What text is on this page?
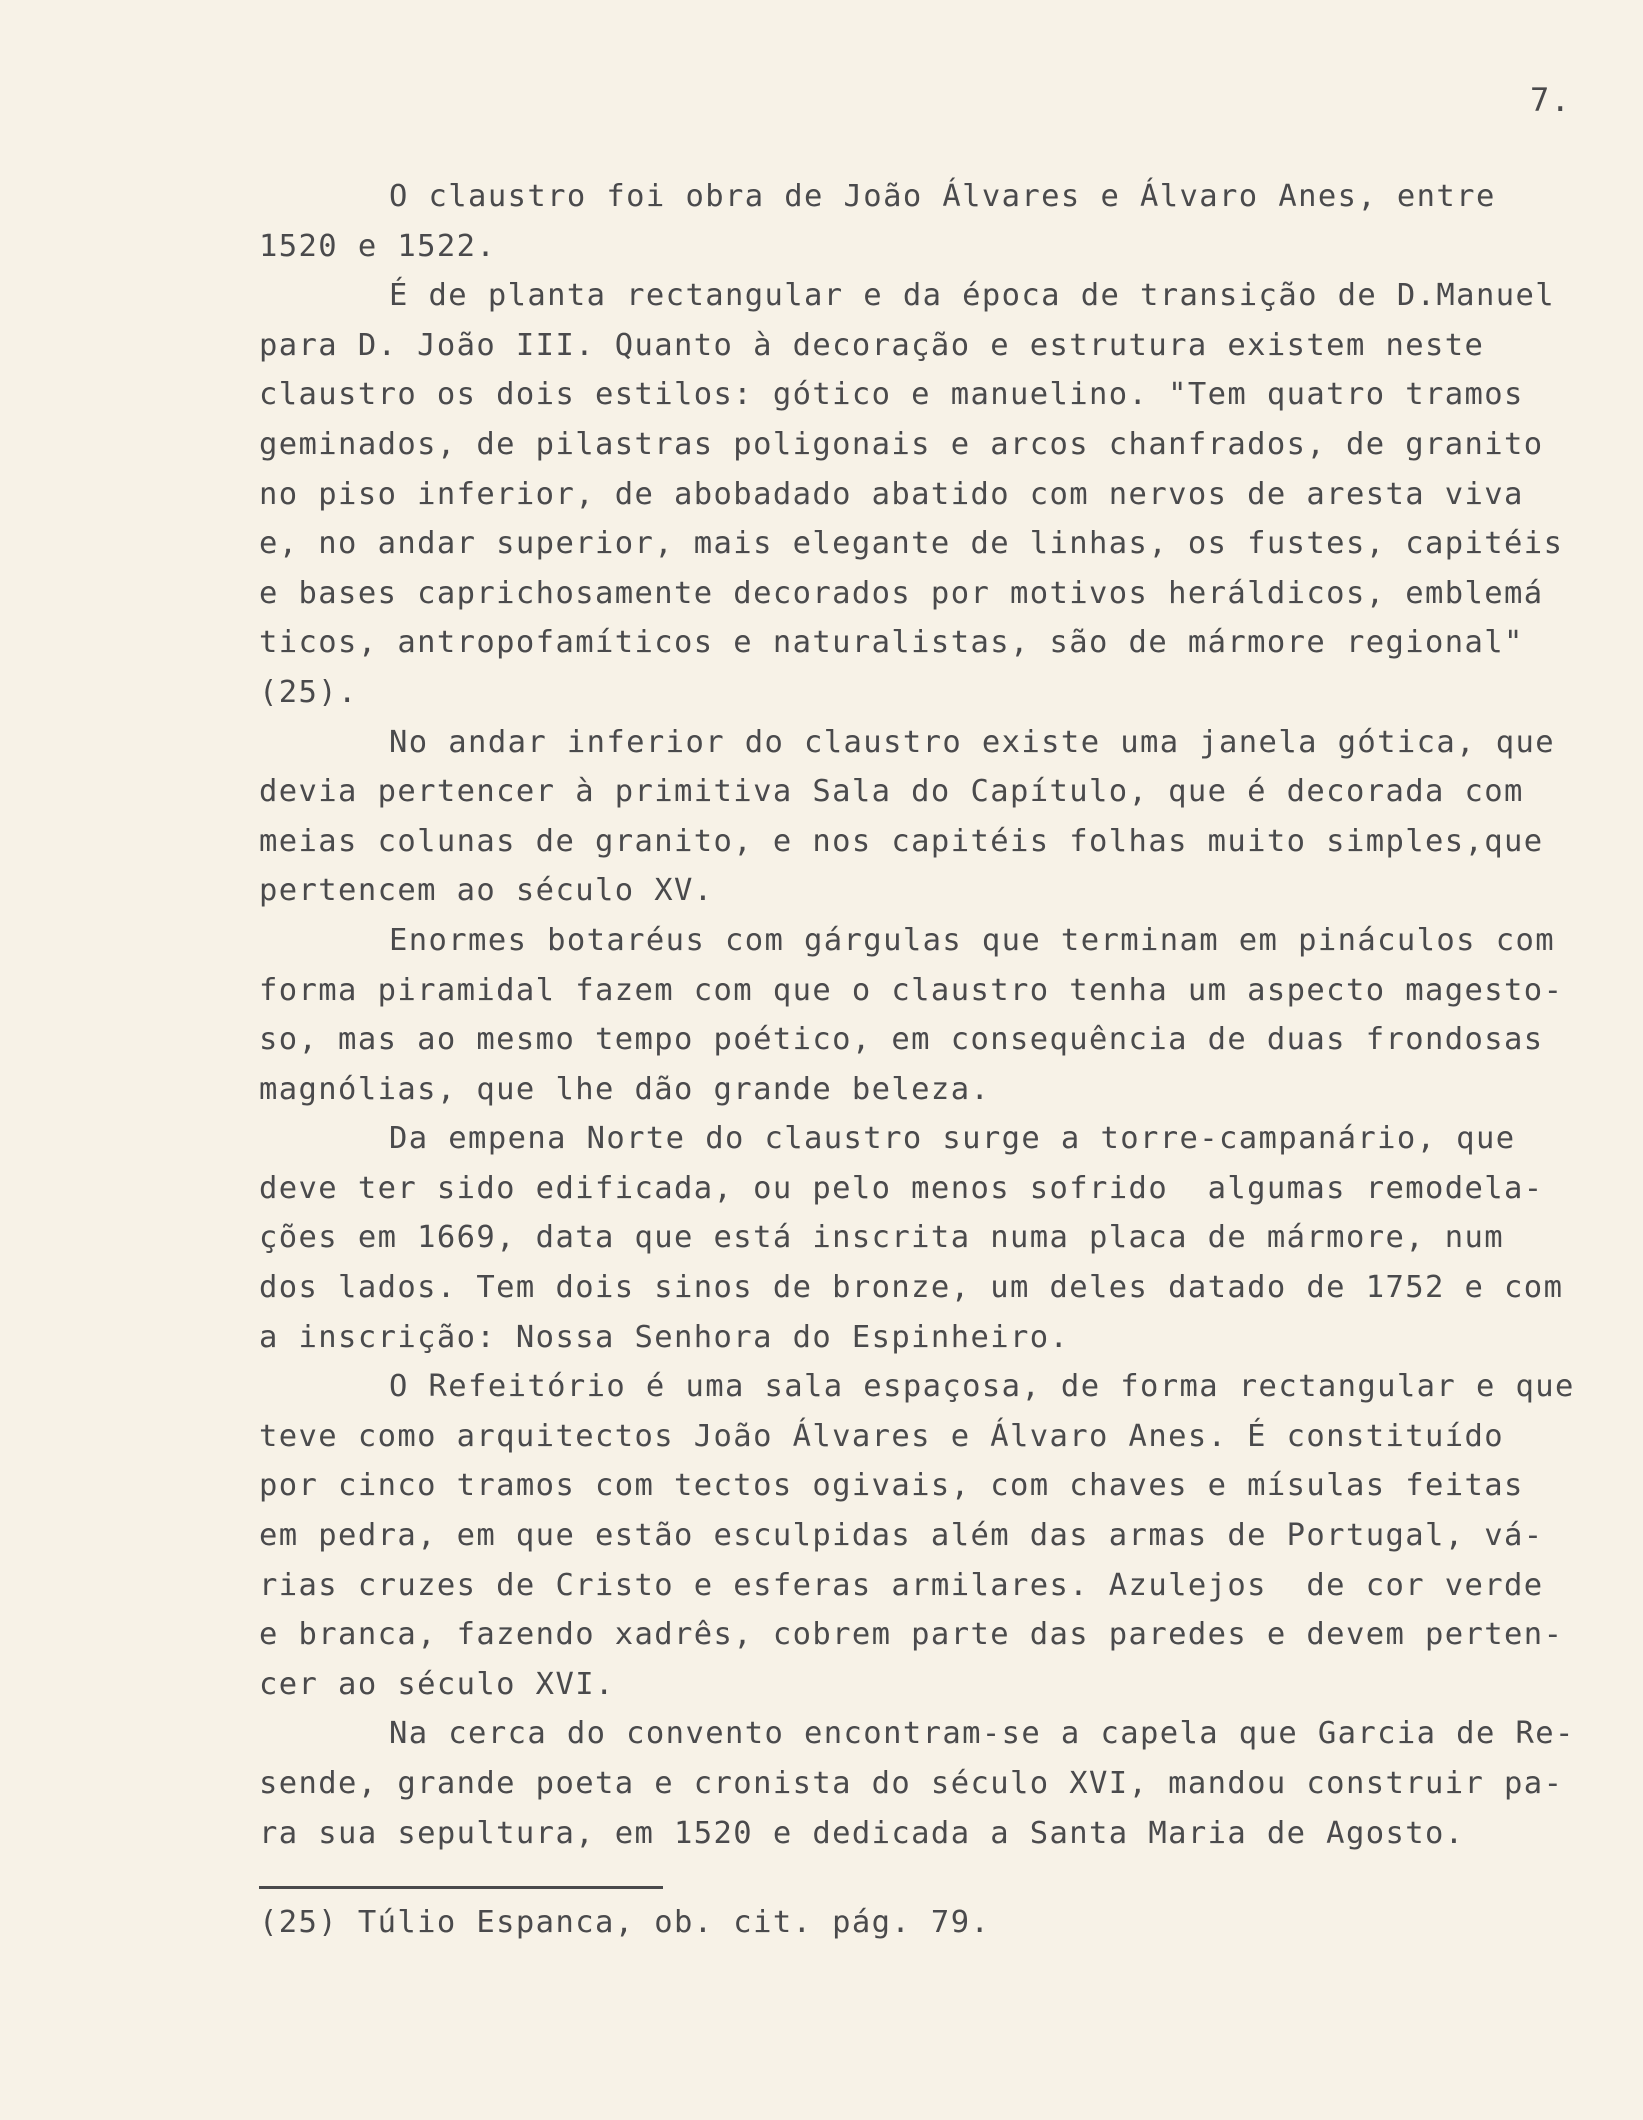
7.
O claustro foi obra de João Álvares e Álvaro Anes, entre
1520 e 1522.
É de planta rectangular e da época de transição de D.Manuel
para D. João III. Quanto à decoração e estrutura existem neste
claustro os dois estilos: gótico e manuelino. "Tem quatro tramos
geminados, de pilastras poligonais e arcos chanfrados, de granito
no piso inferior, de abobadado abatido com nervos de aresta viva
e, no andar superior, mais elegante de linhas, os fustes, capitéis
e bases caprichosamente decorados por motivos heráldicos, emblemá
ticos, antropofamíticos e naturalistas, são de mármore regional"
(25).
No andar inferior do claustro existe uma janela gótica, que
devia pertencer à primitiva Sala do Capítulo, que é decorada com
meias colunas de granito, e nos capitéis folhas muito simples,que
pertencem ao século XV.
Enormes botaréus com gárgulas que terminam em pináculos com
forma piramidal fazem com que o claustro tenha um aspecto magesto-
so, mas ao mesmo tempo poético, em consequência de duas frondosas
magnólias, que lhe dão grande beleza.
Da empena Norte do claustro surge a torre-campanário, que
deve ter sido edificada, ou pelo menos sofrido  algumas remodela-
ções em 1669, data que está inscrita numa placa de mármore, num
dos lados. Tem dois sinos de bronze, um deles datado de 1752 e com
a inscrição: Nossa Senhora do Espinheiro.
O Refeitório é uma sala espaçosa, de forma rectangular e que
teve como arquitectos João Álvares e Álvaro Anes. É constituído
por cinco tramos com tectos ogivais, com chaves e mísulas feitas
em pedra, em que estão esculpidas além das armas de Portugal, vá-
rias cruzes de Cristo e esferas armilares. Azulejos  de cor verde
e branca, fazendo xadrês, cobrem parte das paredes e devem perten-
cer ao século XVI.
Na cerca do convento encontram-se a capela que Garcia de Re-
sende, grande poeta e cronista do século XVI, mandou construir pa-
ra sua sepultura, em 1520 e dedicada a Santa Maria de Agosto.
(25) Túlio Espanca, ob. cit. pág. 79.
